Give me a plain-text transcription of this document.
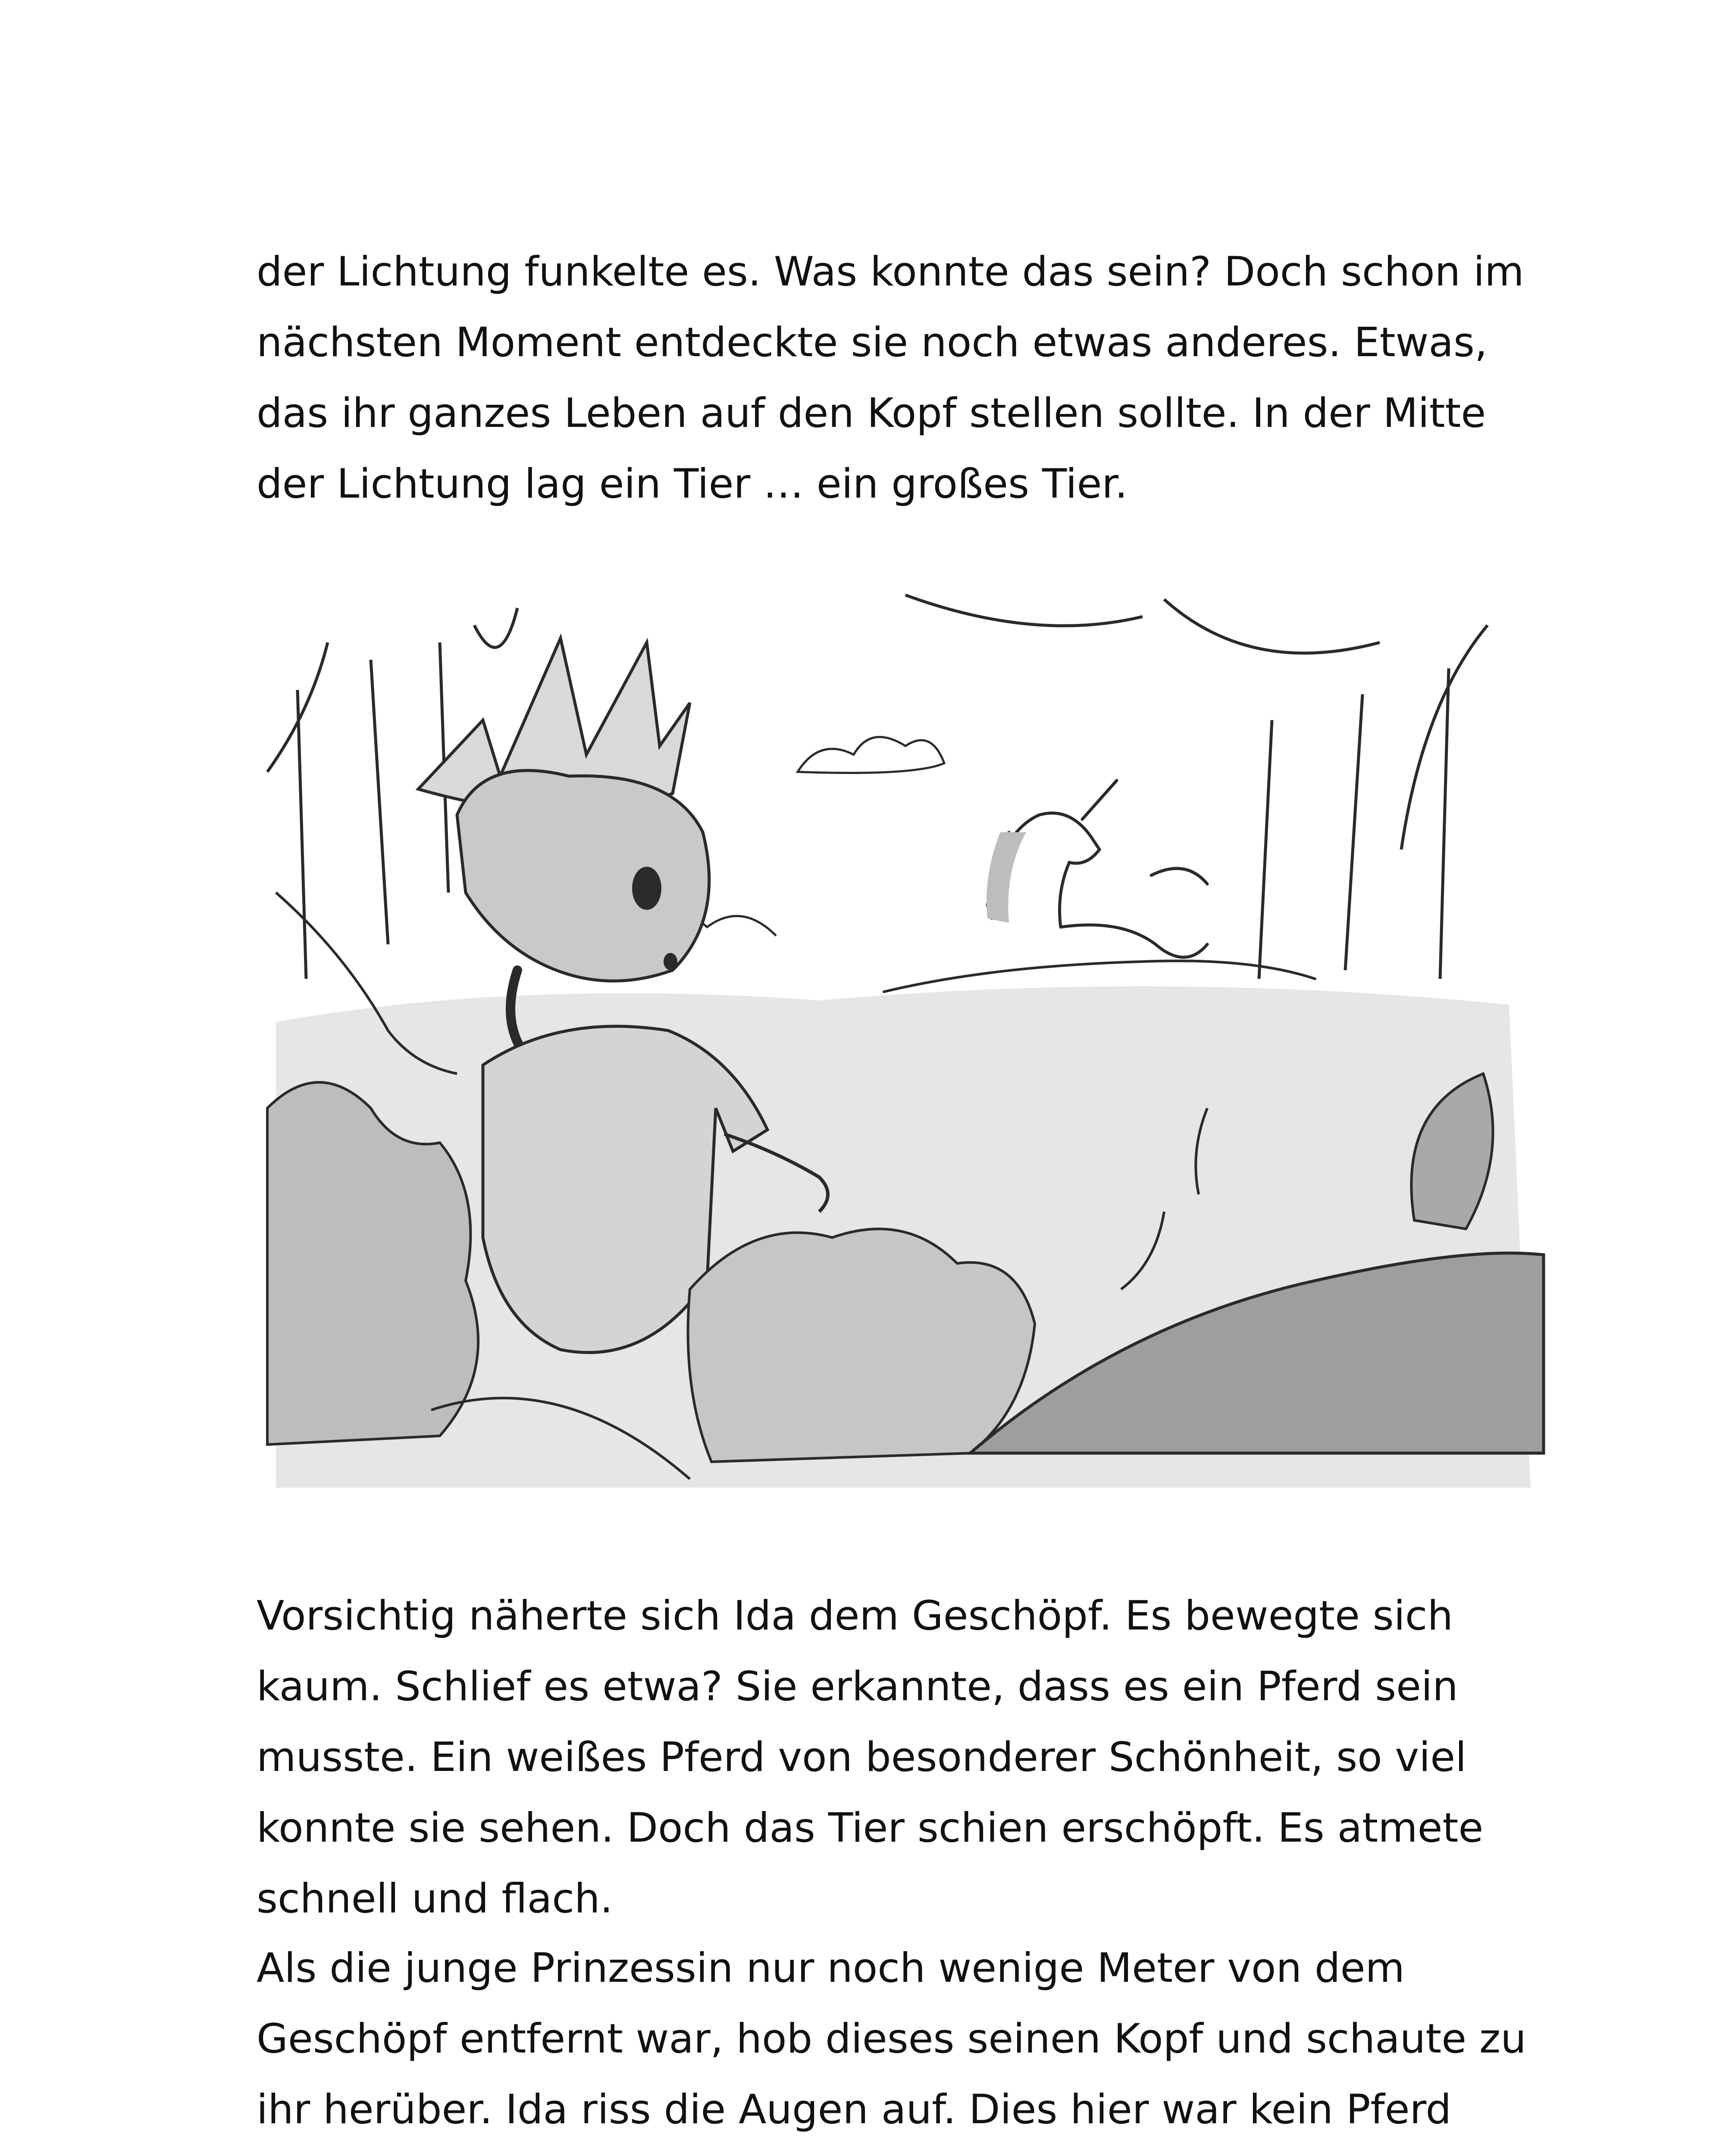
der Lichtung funkelte es. Was konnte das sein? Doch schon im
nächsten Moment entdeckte sie noch etwas anderes. Etwas,
das ihr ganzes Leben auf den Kopf stellen sollte. In der Mitte
der Lichtung lag ein Tier … ein großes Tier.

Vorsichtig näherte sich Ida dem Geschöpf. Es bewegte sich
kaum. Schlief es etwa? Sie erkannte, dass es ein Pferd sein
musste. Ein weißes Pferd von besonderer Schönheit, so viel
konnte sie sehen. Doch das Tier schien erschöpft. Es atmete
schnell und flach.

Als die junge Prinzessin nur noch wenige Meter von dem
Geschöpf entfernt war, hob dieses seinen Kopf und schaute zu
ihr herüber. Ida riss die Augen auf. Dies hier war kein Pferd
